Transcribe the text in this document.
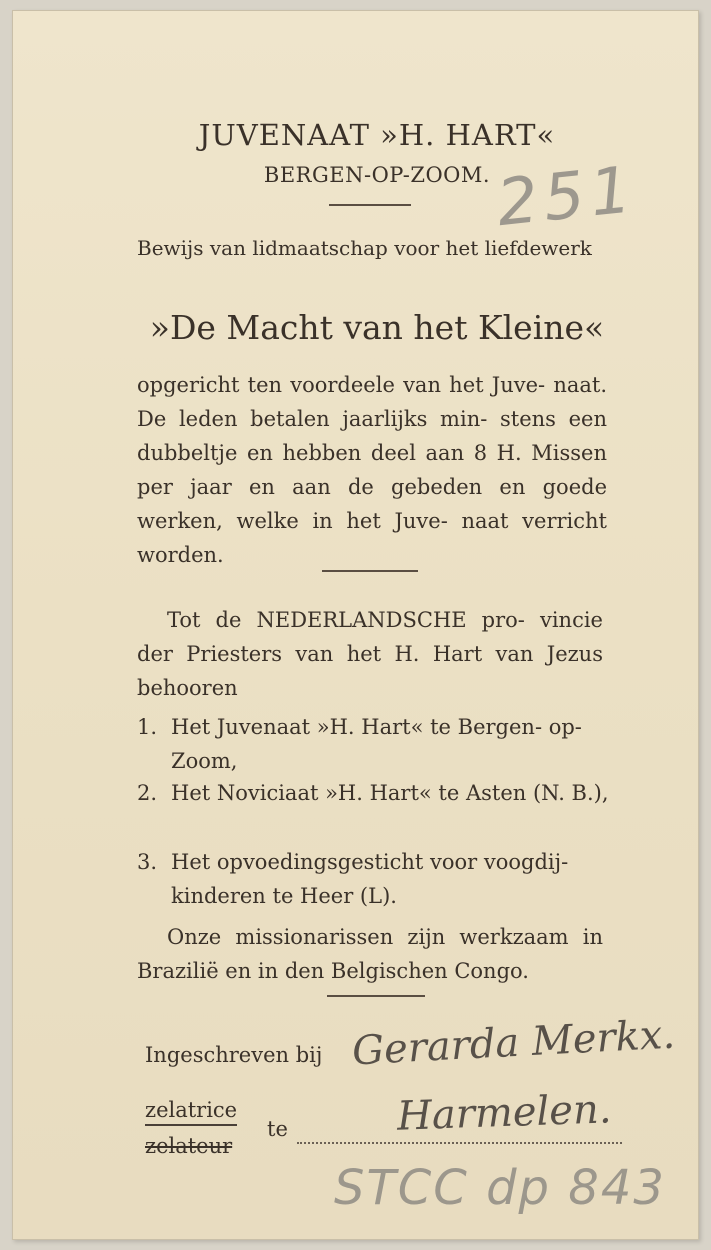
251
JUVENAAT »H. HART«
BERGEN-OP-ZOOM.
Bewijs van lidmaatschap voor het liefdewerk
»De Macht van het Kleine«
opgericht ten voordeele van het Juve- naat. De leden betalen jaarlijks min- stens een dubbeltje en hebben deel aan 8 H. Missen per jaar en aan de gebeden en goede werken, welke in het Juve- naat verricht worden.
Tot de NEDERLANDSCHE pro- vincie der Priesters van het H. Hart van Jezus behooren
1. Het Juvenaat »H. Hart« te Bergen- op-Zoom,
2. Het Noviciaat »H. Hart« te Asten (N. B.),
3. Het opvoedingsgesticht voor voogdij- kinderen te Heer (L).
Onze missionarissen zijn werkzaam in Brazilië en in den Belgischen Congo.
Ingeschreven bij Gerarda Merkx.
zelatrice
zelateur
te	Harmelen.
STCC dp 843
